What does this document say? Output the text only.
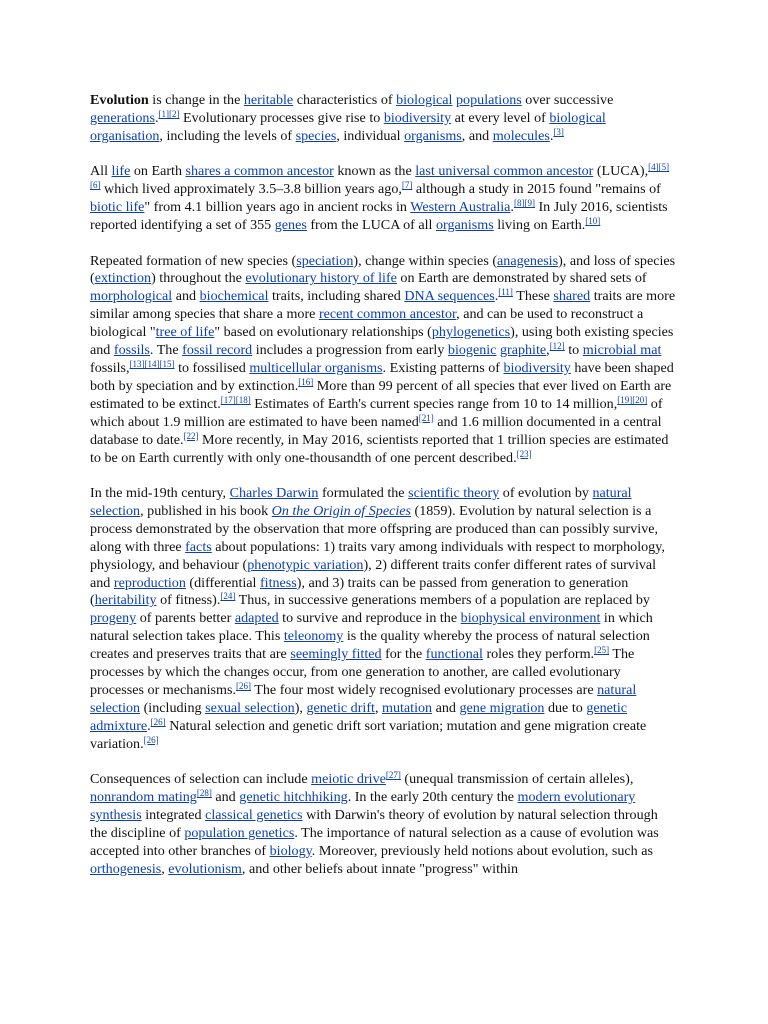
Evolution is change in the heritable characteristics of biological populations over successive generations.[1][2] Evolutionary processes give rise to biodiversity at every level of biological organisation, including the levels of species, individual organisms, and molecules.[3]

All life on Earth shares a common ancestor known as the last universal common ancestor (LUCA),[4][5][6] which lived approximately 3.5–3.8 billion years ago,[7] although a study in 2015 found "remains of biotic life" from 4.1 billion years ago in ancient rocks in Western Australia.[8][9] In July 2016, scientists reported identifying a set of 355 genes from the LUCA of all organisms living on Earth.[10]

Repeated formation of new species (speciation), change within species (anagenesis), and loss of species (extinction) throughout the evolutionary history of life on Earth are demonstrated by shared sets of morphological and biochemical traits, including shared DNA sequences.[11] These shared traits are more similar among species that share a more recent common ancestor, and can be used to reconstruct a biological "tree of life" based on evolutionary relationships (phylogenetics), using both existing species and fossils. The fossil record includes a progression from early biogenic graphite,[12] to microbial mat fossils,[13][14][15] to fossilised multicellular organisms. Existing patterns of biodiversity have been shaped both by speciation and by extinction.[16] More than 99 percent of all species that ever lived on Earth are estimated to be extinct.[17][18] Estimates of Earth's current species range from 10 to 14 million,[19][20] of which about 1.9 million are estimated to have been named[21] and 1.6 million documented in a central database to date.[22] More recently, in May 2016, scientists reported that 1 trillion species are estimated to be on Earth currently with only one-thousandth of one percent described.[23]

In the mid-19th century, Charles Darwin formulated the scientific theory of evolution by natural selection, published in his book On the Origin of Species (1859). Evolution by natural selection is a process demonstrated by the observation that more offspring are produced than can possibly survive, along with three facts about populations: 1) traits vary among individuals with respect to morphology, physiology, and behaviour (phenotypic variation), 2) different traits confer different rates of survival and reproduction (differential fitness), and 3) traits can be passed from generation to generation (heritability of fitness).[24] Thus, in successive generations members of a population are replaced by progeny of parents better adapted to survive and reproduce in the biophysical environment in which natural selection takes place. This teleonomy is the quality whereby the process of natural selection creates and preserves traits that are seemingly fitted for the functional roles they perform.[25] The processes by which the changes occur, from one generation to another, are called evolutionary processes or mechanisms.[26] The four most widely recognised evolutionary processes are natural selection (including sexual selection), genetic drift, mutation and gene migration due to genetic admixture.[26] Natural selection and genetic drift sort variation; mutation and gene migration create variation.[26]

Consequences of selection can include meiotic drive[27] (unequal transmission of certain alleles), nonrandom mating[28] and genetic hitchhiking. In the early 20th century the modern evolutionary synthesis integrated classical genetics with Darwin's theory of evolution by natural selection through the discipline of population genetics. The importance of natural selection as a cause of evolution was accepted into other branches of biology. Moreover, previously held notions about evolution, such as orthogenesis, evolutionism, and other beliefs about innate "progress" within
